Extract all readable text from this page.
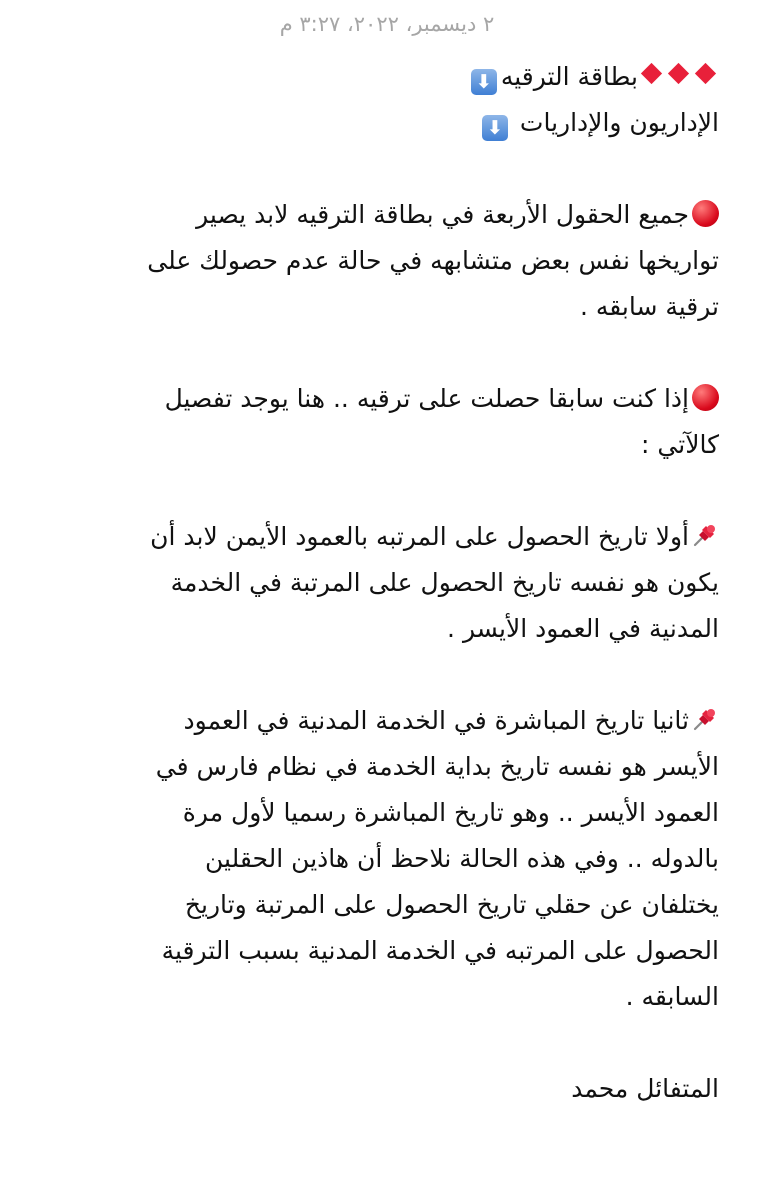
٢ ديسمبر، ٢٠٢٢، ٣:٢٧ م
بطاقة الترقيه⬇
الإداريون والإداريات ⬇
جميع الحقول الأربعة في بطاقة الترقيه لابد يصير
تواريخها نفس بعض متشابهه في حالة عدم حصولك على
ترقية سابقه .
إذا كنت سابقا حصلت على ترقيه .. هنا يوجد تفصيل
كالآتي :
أولا تاريخ الحصول على المرتبه بالعمود الأيمن لابد أن
يكون هو نفسه تاريخ الحصول على المرتبة في الخدمة
المدنية في العمود الأيسر .
ثانيا تاريخ المباشرة في الخدمة المدنية في العمود
الأيسر هو نفسه تاريخ بداية الخدمة في نظام فارس في
العمود الأيسر .. وهو تاريخ المباشرة رسميا لأول مرة
بالدوله .. وفي هذه الحالة نلاحظ أن هاذين الحقلين
يختلفان عن حقلي تاريخ الحصول على المرتبة وتاريخ
الحصول على المرتبه في الخدمة المدنية بسبب الترقية
السابقه .
المتفائل محمد
